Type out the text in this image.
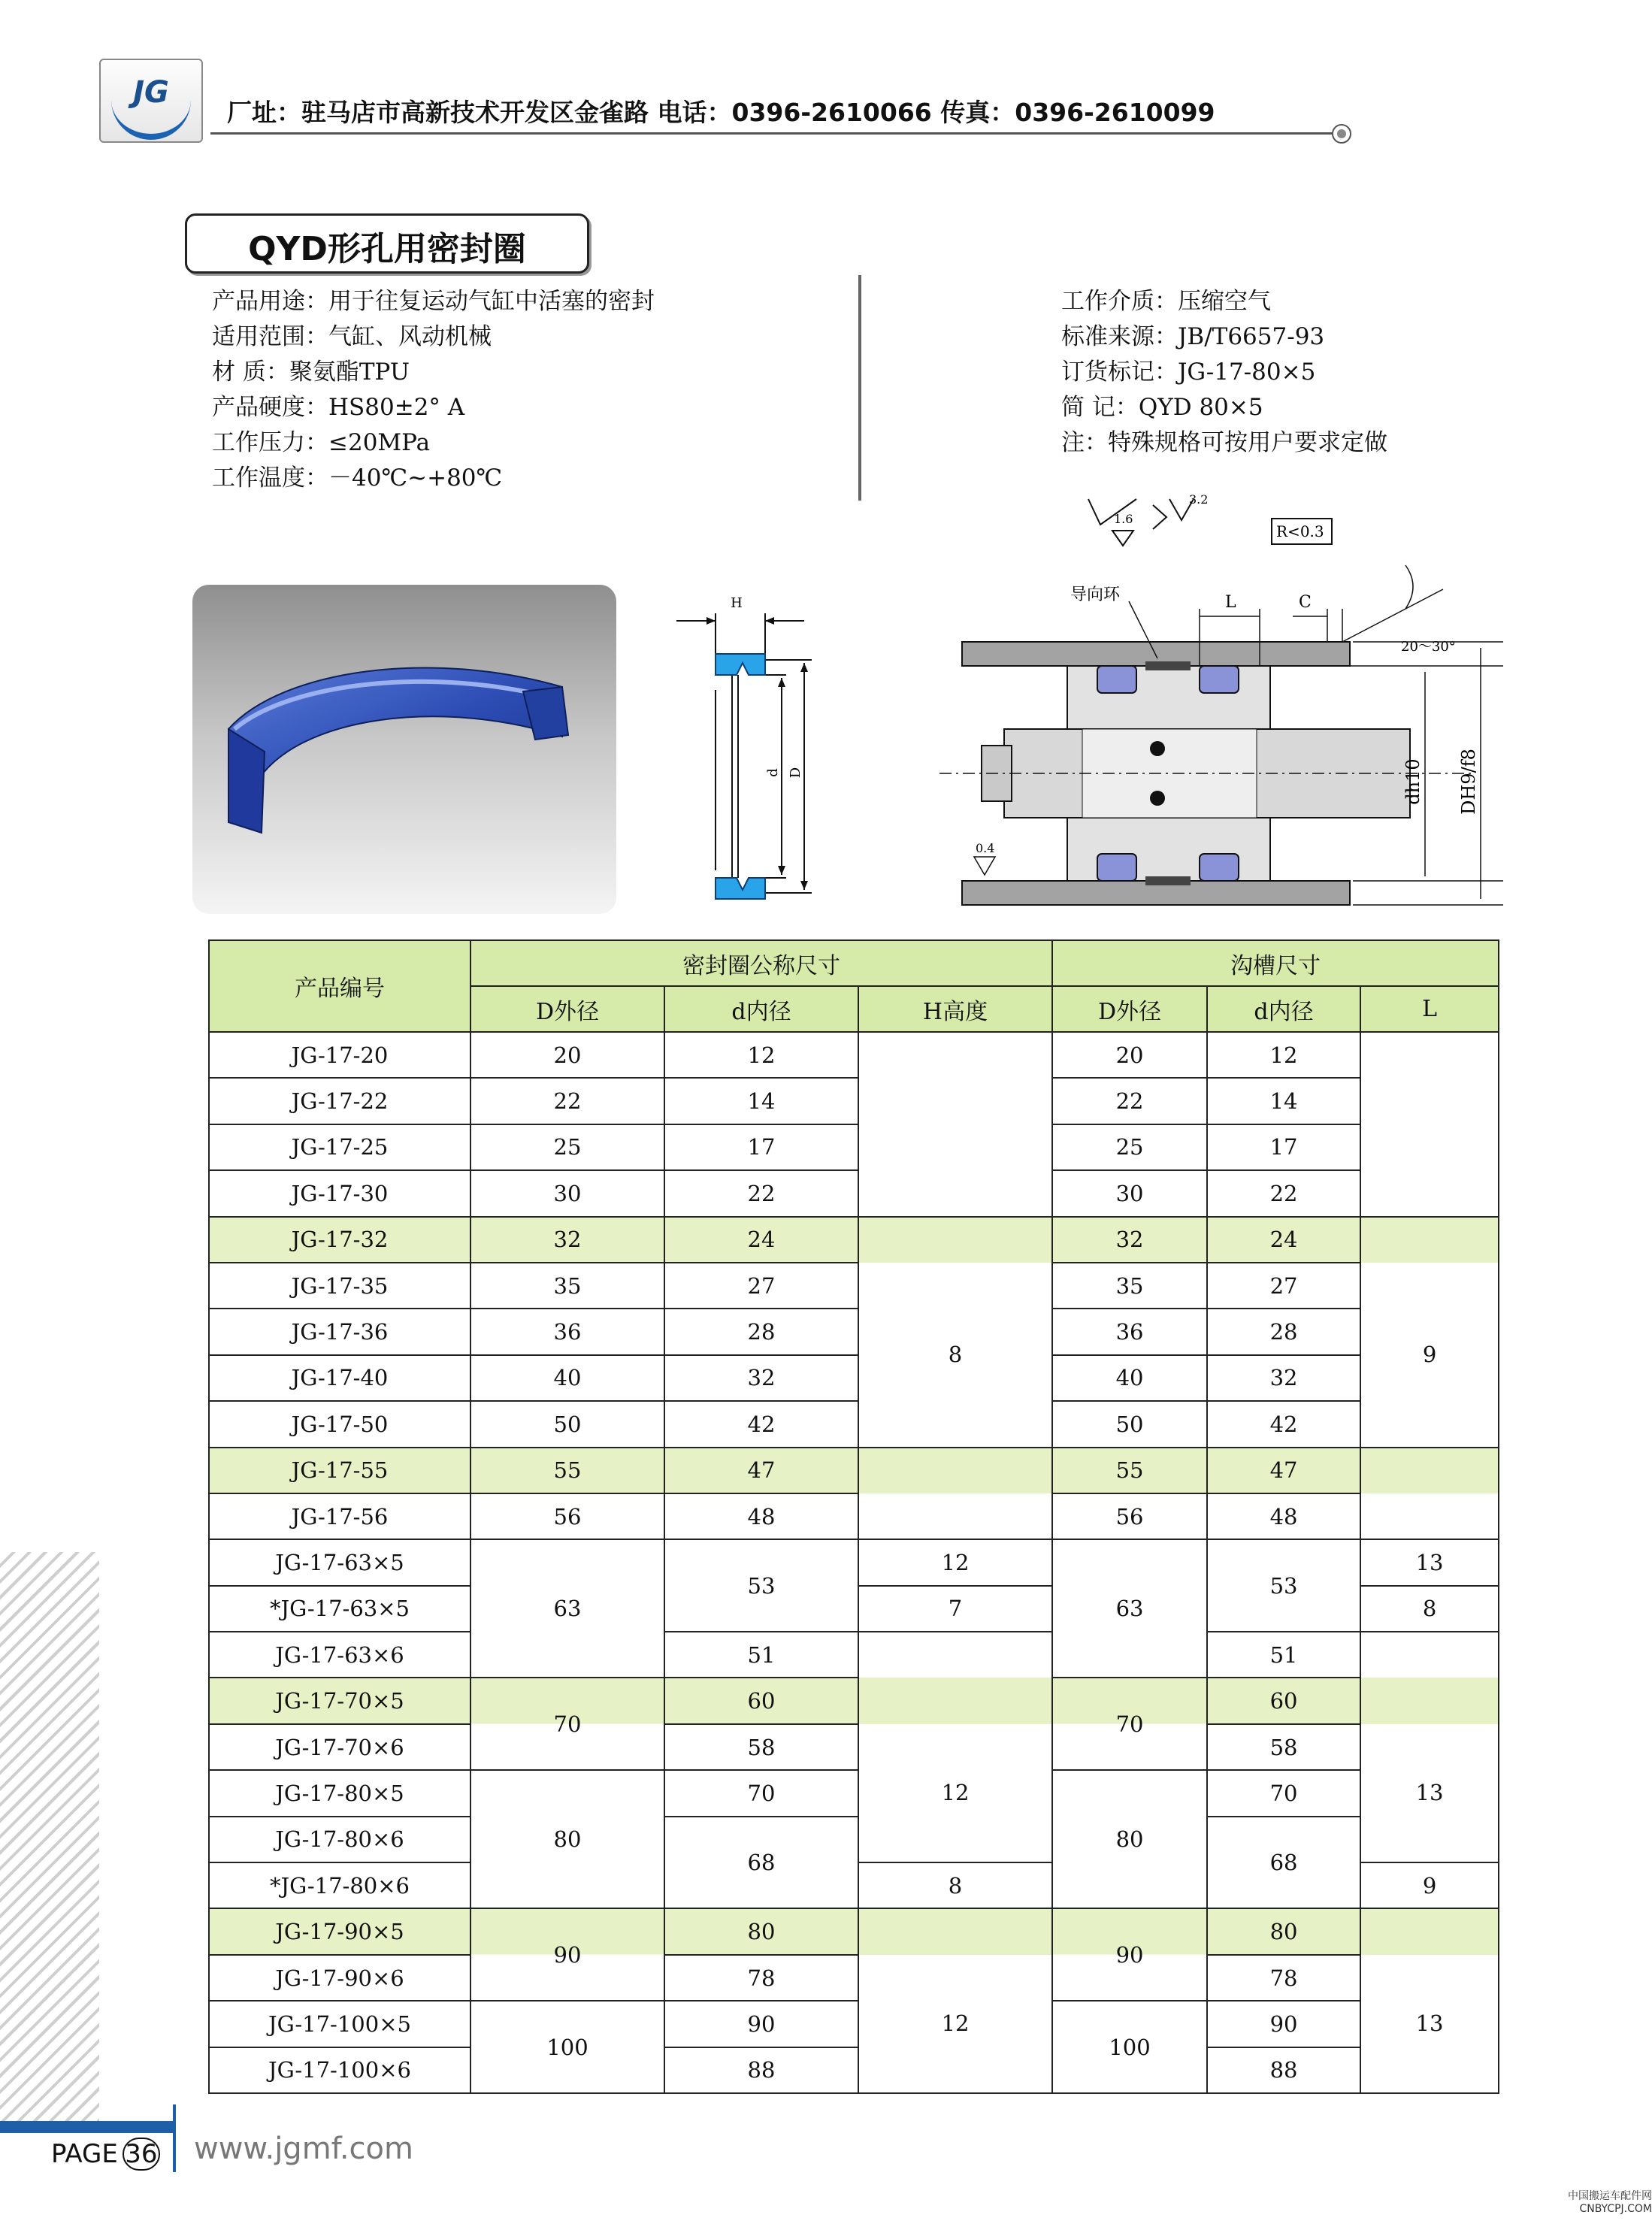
JG
厂址：驻马店市高新技术开发区金雀路 电话：0396-2610066 传真：0396-2610099
QYD形孔用密封圈
产品用途：用于往复运动气缸中活塞的密封
适用范围：气缸、风动机械
材 质：聚氨酯TPU
产品硬度：HS80±2° A
工作压力：≤20MPa
工作温度：－40℃~+80℃
工作介质：压缩空气
标准来源：JB/T6657-93
订货标记：JG-17-80×5
简 记：QYD 80×5
注：特殊规格可按用户要求定做
H
d D
3.2
1.6
R<0.3
导向环	L	C
20～30°
dh10 DH9/f8
0.4
产品编号	密封圈公称尺寸			沟槽尺寸		
	D外径	d内径	H高度	D外径	d内径	L
JG-17-20	20	12		20	12	
JG-17-22	22	14		22	14	
JG-17-25	25	17		25	17	
JG-17-30	30	22		30	22	
JG-17-32	32	24		32	24	
JG-17-35	35	27	8	35	27	9
JG-17-36	36	28		36	28	
JG-17-40	40	32		40	32	
JG-17-50	50	42		50	42	
JG-17-55	55	47		55	47	
JG-17-56	56	48		56	48	
JG-17-63×5	63	53	12	63	53	13
*JG-17-63×5			7			8
JG-17-63×6		51			51	
JG-17-70×5	70	60		70	60	
JG-17-70×6		58	12		58	13
JG-17-80×5	80	70		80	70	
JG-17-80×6		68			68	
*JG-17-80×6			8			9
JG-17-90×5	90	80		90	80	
JG-17-90×6		78	12		78	13
JG-17-100×5	100	90		100	90	
JG-17-100×6		88			88	
PAGE 36 www.jgmf.com
中国搬运车配件网
CNBYCPJ.COM
